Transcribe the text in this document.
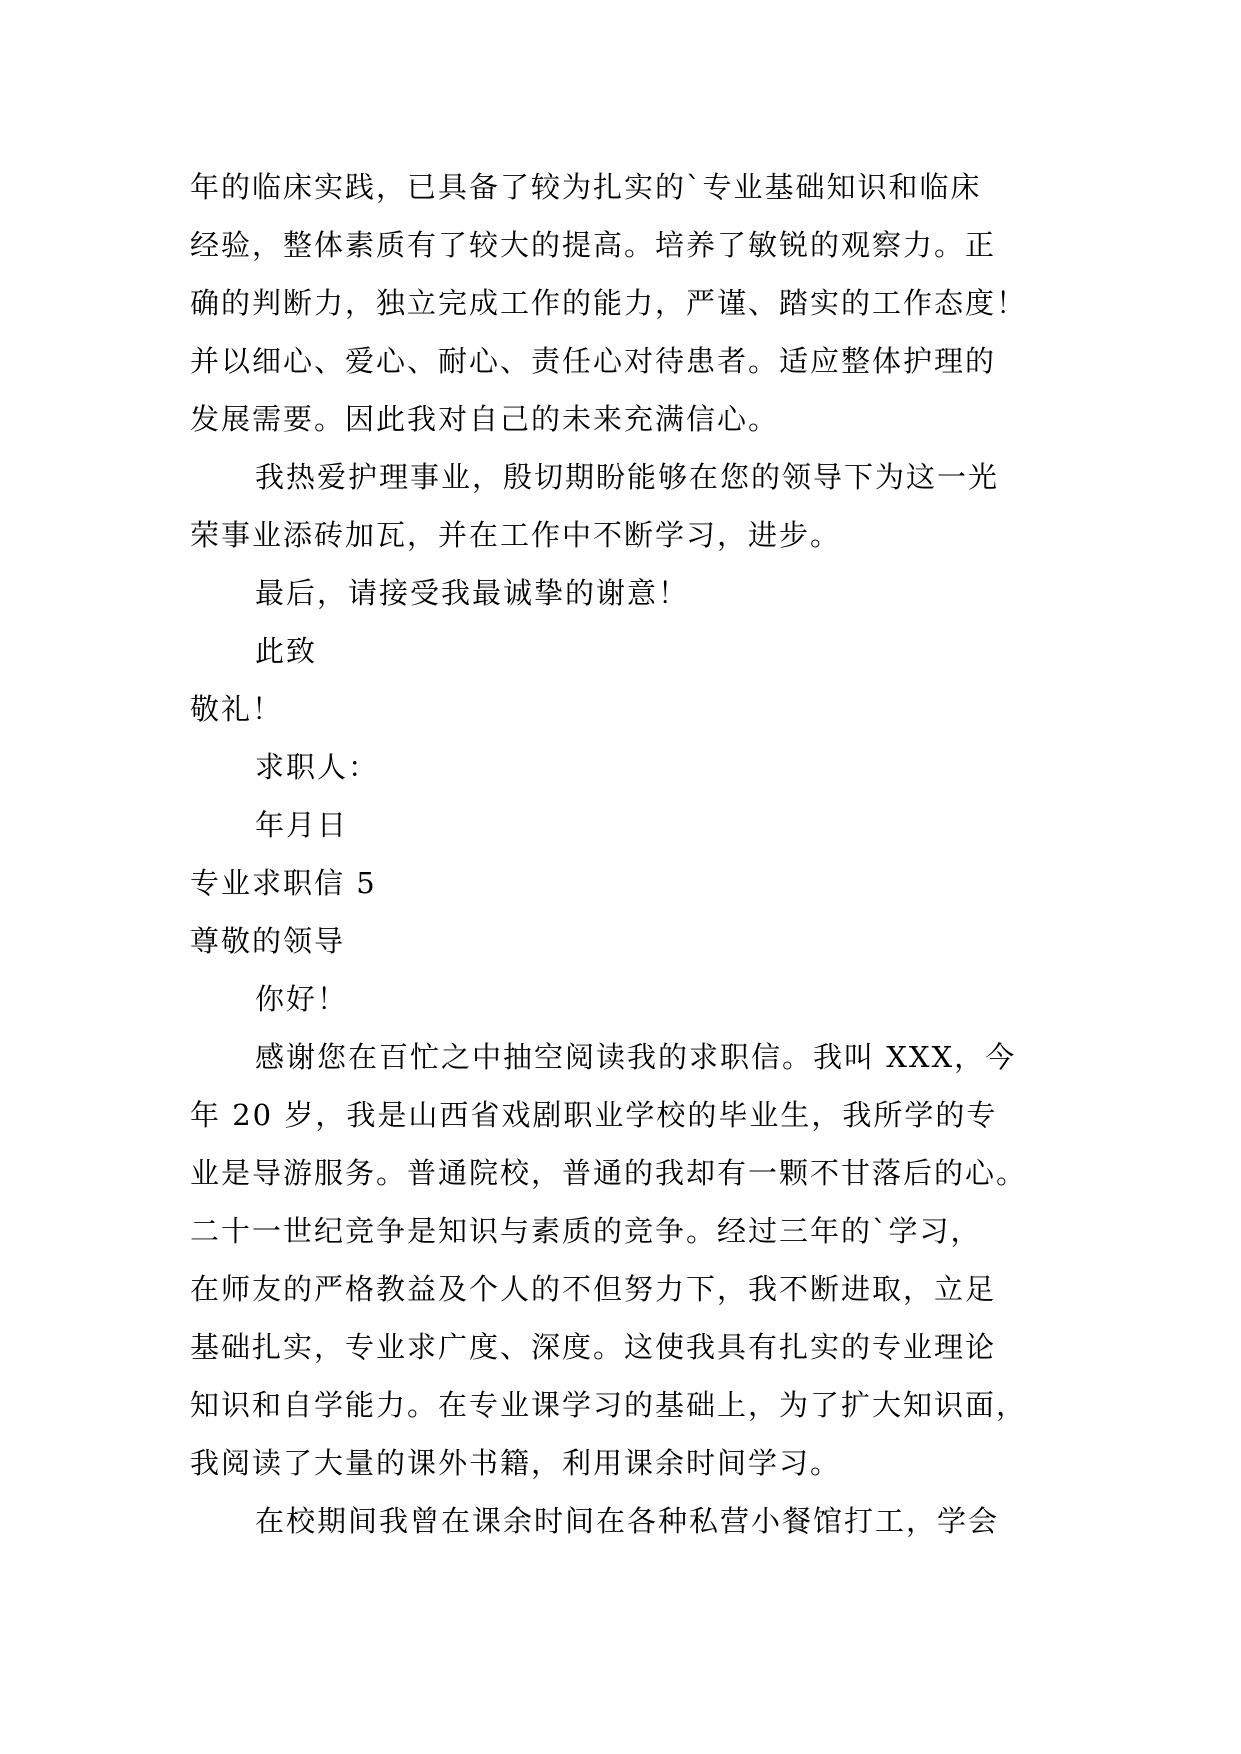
年的临床实践，已具备了较为扎实的`专业基础知识和临床
经验，整体素质有了较大的提高。培养了敏锐的观察力。正
确的判断力，独立完成工作的能力，严谨、踏实的工作态度！
并以细心、爱心、耐心、责任心对待患者。适应整体护理的
发展需要。因此我对自己的未来充满信心。
我热爱护理事业，殷切期盼能够在您的领导下为这一光
荣事业添砖加瓦，并在工作中不断学习，进步。
最后，请接受我最诚挚的谢意！
此致
敬礼！
求职人：
年月日
专业求职信 5
尊敬的领导
你好！
感谢您在百忙之中抽空阅读我的求职信。我叫 XXX，今
年 20 岁，我是山西省戏剧职业学校的毕业生，我所学的专
业是导游服务。普通院校，普通的我却有一颗不甘落后的心。
二十一世纪竞争是知识与素质的竞争。经过三年的`学习，
在师友的严格教益及个人的不但努力下，我不断进取，立足
基础扎实，专业求广度、深度。这使我具有扎实的专业理论
知识和自学能力。在专业课学习的基础上，为了扩大知识面，
我阅读了大量的课外书籍，利用课余时间学习。
在校期间我曾在课余时间在各种私营小餐馆打工，学会
